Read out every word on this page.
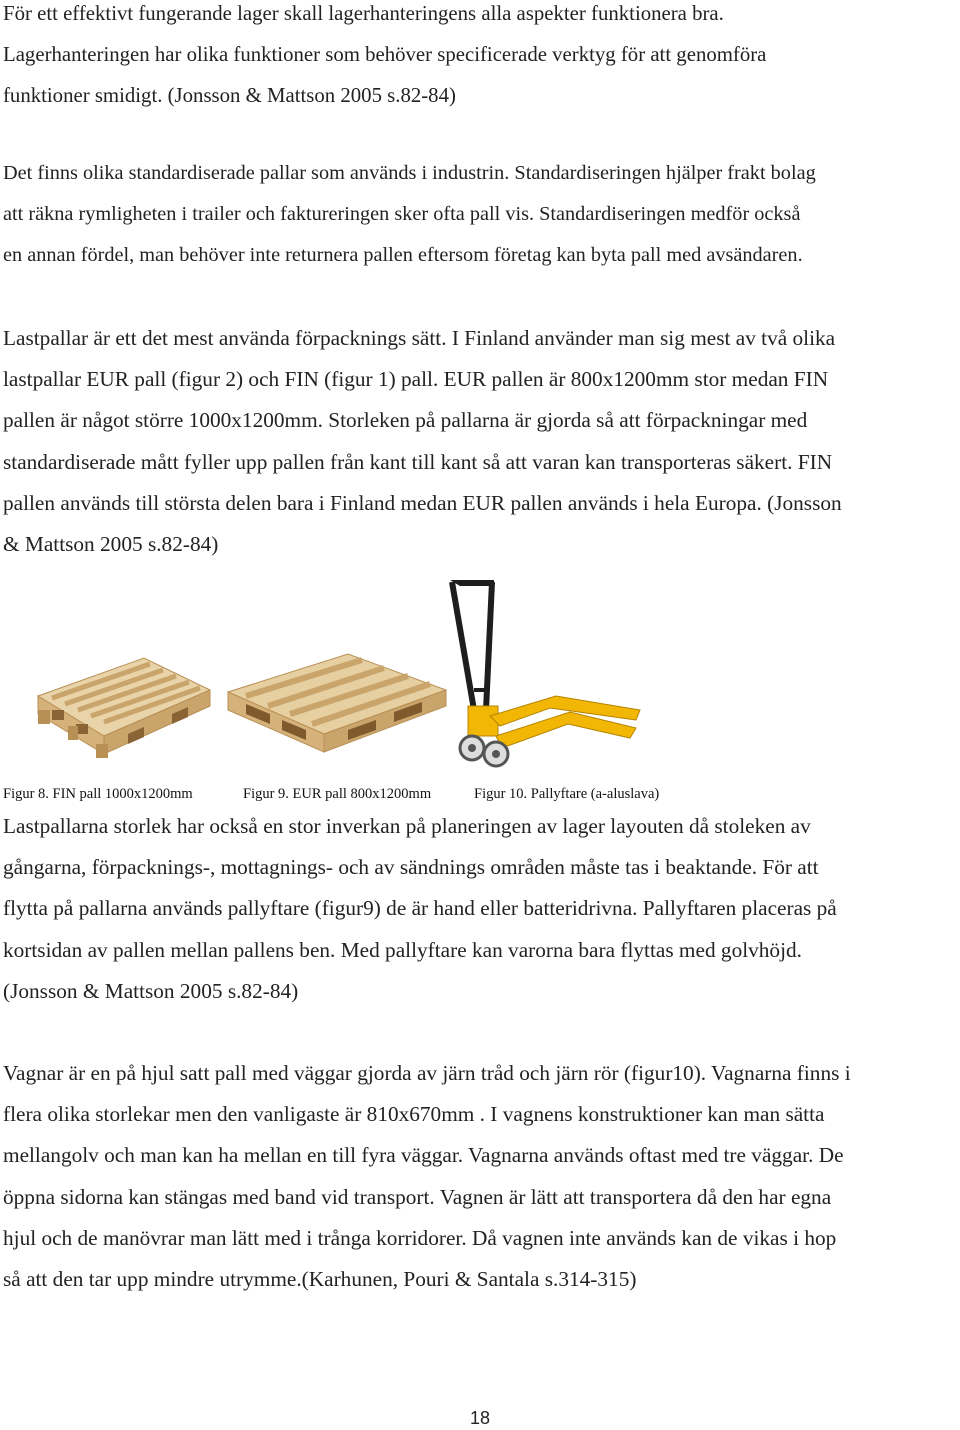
För ett effektivt fungerande lager skall lagerhanteringens alla aspekter funktionera bra.
Lagerhanteringen har olika funktioner som behöver specificerade verktyg för att genomföra
funktioner smidigt. (Jonsson & Mattson 2005 s.82-84)
Det finns olika standardiserade pallar som används i industrin. Standardiseringen hjälper frakt bolag
att räkna rymligheten i trailer och faktureringen sker ofta pall vis. Standardiseringen medför också
en annan fördel, man behöver inte returnera pallen eftersom företag kan byta pall med avsändaren.
Lastpallar är ett det mest använda förpacknings sätt. I Finland använder man sig mest av två olika
lastpallar EUR pall (figur 2) och FIN (figur 1) pall. EUR pallen är 800x1200mm stor medan FIN
pallen är något större 1000x1200mm. Storleken på pallarna är gjorda så att förpackningar med
standardiserade mått fyller upp pallen från kant till kant så att varan kan transporteras säkert. FIN
pallen används till största delen bara i Finland medan EUR pallen används i hela Europa. (Jonsson
& Mattson 2005 s.82-84)
Figur 8. FIN pall 1000x1200mm	Figur 9. EUR pall 800x1200mm	Figur 10. Pallyftare (a-aluslava)
Lastpallarna storlek har också en stor inverkan på planeringen av lager layouten då stoleken av
gångarna, förpacknings-, mottagnings- och av sändnings områden måste tas i beaktande. För att
flytta på pallarna används pallyftare (figur9) de är hand eller batteridrivna. Pallyftaren placeras på
kortsidan av pallen mellan pallens ben. Med pallyftare kan varorna bara flyttas med golvhöjd.
(Jonsson & Mattson 2005 s.82-84)
Vagnar är en på hjul satt pall med väggar gjorda av järn tråd och järn rör (figur10). Vagnarna finns i
flera olika storlekar men den vanligaste är 810x670mm . I vagnens konstruktioner kan man sätta
mellangolv och man kan ha mellan en till fyra väggar. Vagnarna används oftast med tre väggar. De
öppna sidorna kan stängas med band vid transport. Vagnen är lätt att transportera då den har egna
hjul och de manövrar man lätt med i trånga korridorer. Då vagnen inte används kan de vikas i hop
så att den tar upp mindre utrymme.(Karhunen, Pouri & Santala s.314-315)
18
